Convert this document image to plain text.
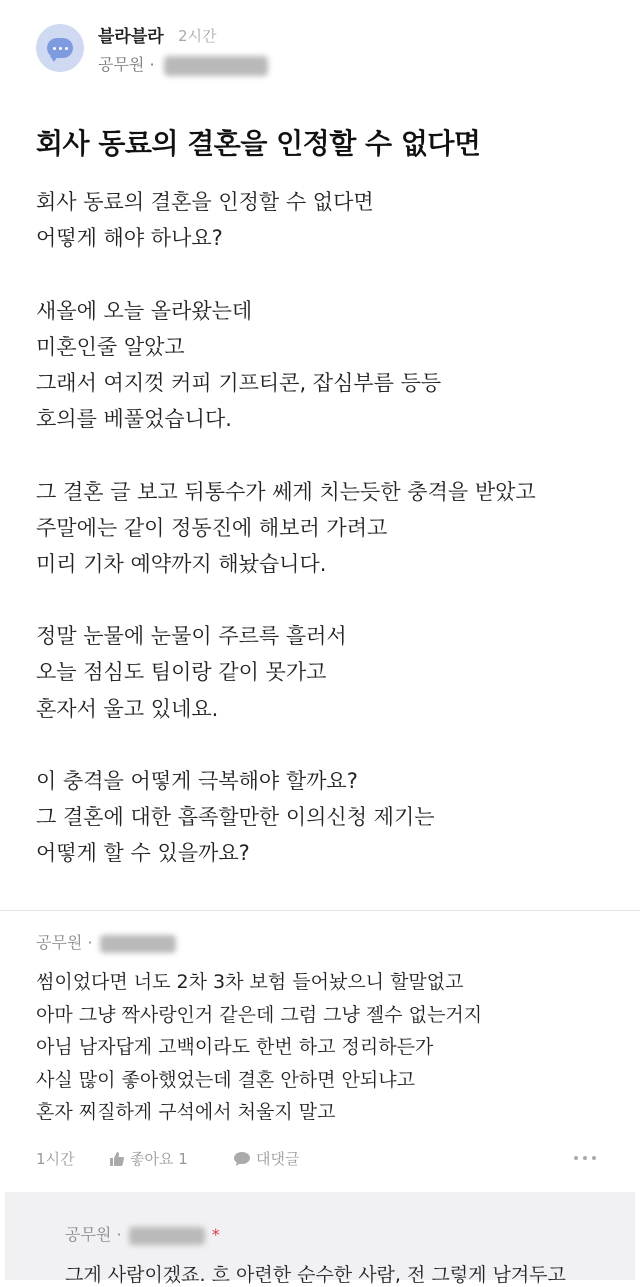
블라블라 2시간
공무원 ·
회사 동료의 결혼을 인정할 수 없다면
회사 동료의 결혼을 인정할 수 없다면
어떻게 해야 하나요?
새올에 오늘 올라왔는데
미혼인줄 알았고
그래서 여지껏 커피 기프티콘, 잡심부름 등등
호의를 베풀었습니다.
그 결혼 글 보고 뒤통수가 쎄게 치는듯한 충격을 받았고
주말에는 같이 정동진에 해보러 가려고
미리 기차 예약까지 해놨습니다.
정말 눈물에 눈물이 주르륵 흘러서
오늘 점심도 팀이랑 같이 못가고
혼자서 울고 있네요.
이 충격을 어떻게 극복해야 할까요?
그 결혼에 대한 흡족할만한 이의신청 제기는
어떻게 할 수 있을까요?
공무원 ·
썸이었다면 너도 2차 3차 보험 들어놨으니 할말없고
아마 그냥 짝사랑인거 같은데 그럼 그냥 젤수 없는거지
아님 남자답게 고백이라도 한번 하고 정리하든가
사실 많이 좋아했었는데 결혼 안하면 안되냐고
혼자 찌질하게 구석에서 처울지 말고
1시간	좋아요 1	대댓글
공무원 ·	*
그게 사람이겠죠. 흐 아련한 순수한 사람, 전 그렇게 남겨두고
